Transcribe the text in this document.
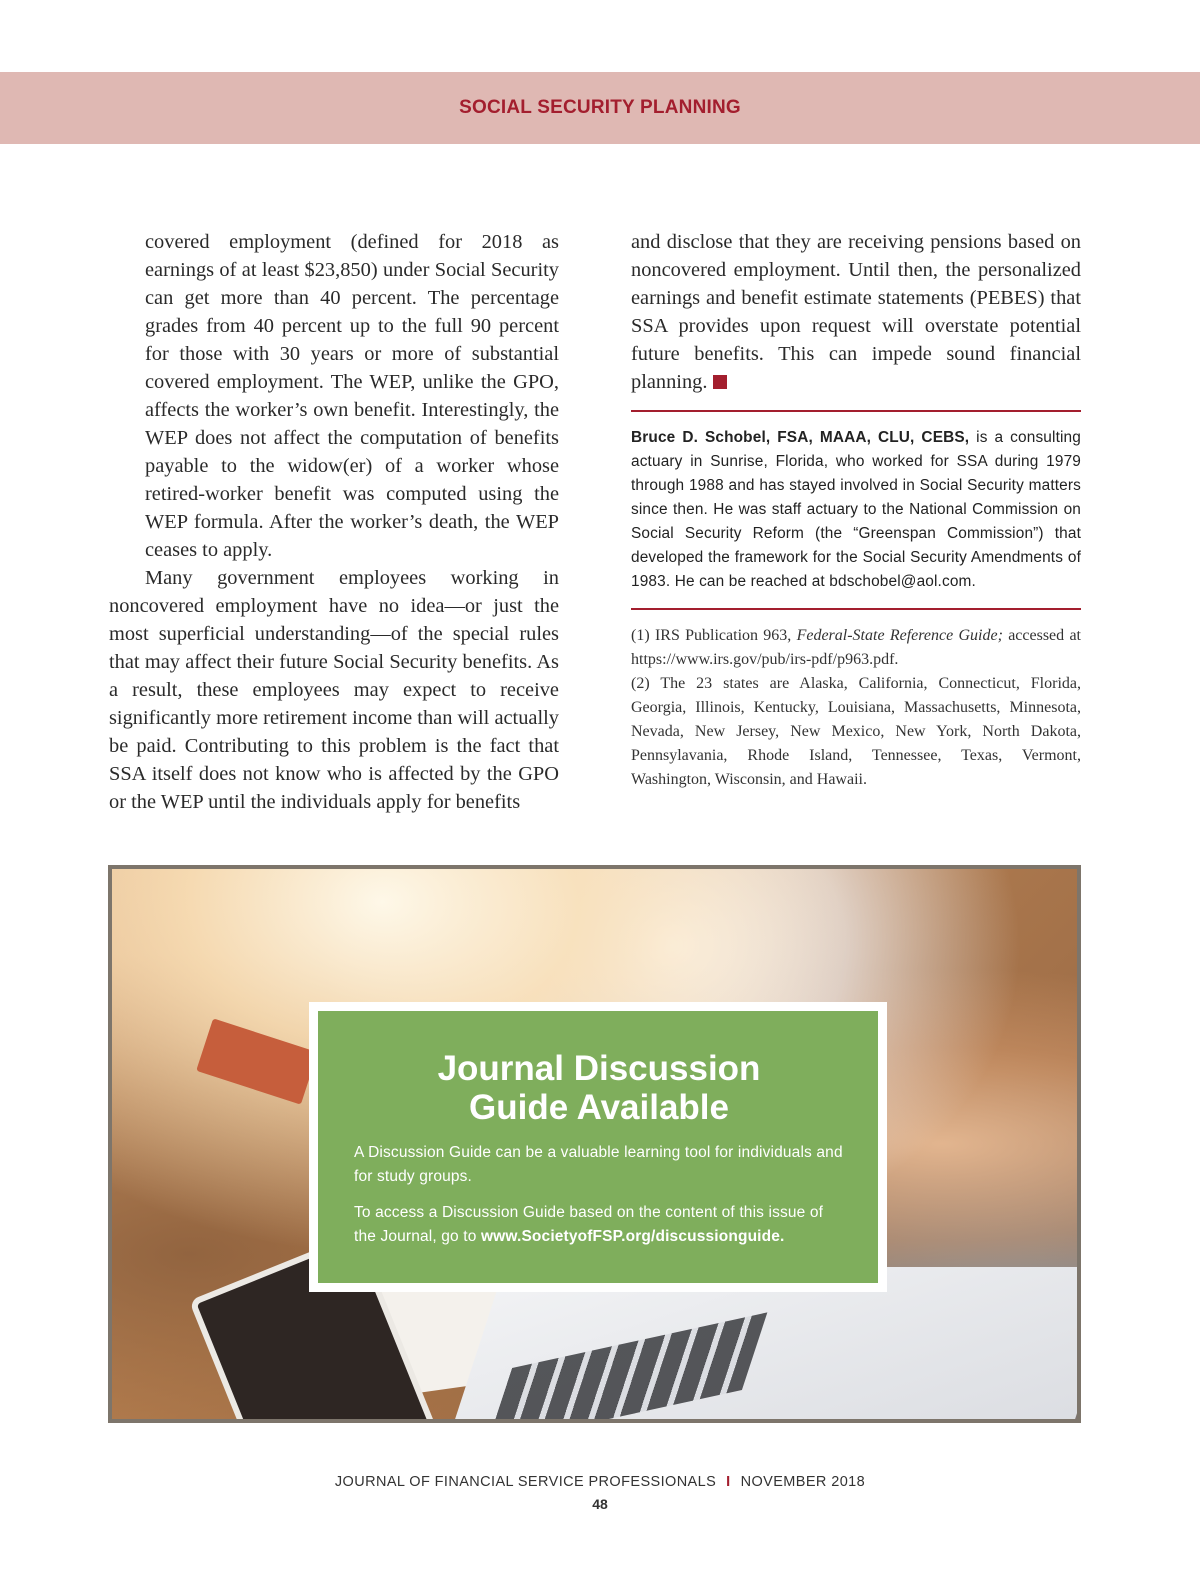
SOCIAL SECURITY PLANNING

covered employment (defined for 2018 as earnings of at least $23,850) under Social Security can get more than 40 percent. The percentage grades from 40 percent up to the full 90 percent for those with 30 years or more of substantial covered employment. The WEP, unlike the GPO, affects the worker’s own benefit. Interestingly, the WEP does not affect the computation of benefits payable to the widow(er) of a worker whose retired-worker benefit was computed using the WEP formula. After the worker’s death, the WEP ceases to apply.

Many government employees working in noncovered employment have no idea—or just the most superficial understanding—of the special rules that may affect their future Social Security benefits. As a result, these employees may expect to receive significantly more retirement income than will actually be paid. Contributing to this problem is the fact that SSA itself does not know who is affected by the GPO or the WEP until the individuals apply for benefits

and disclose that they are receiving pensions based on noncovered employment. Until then, the personalized earnings and benefit estimate statements (PEBES) that SSA provides upon request will overstate potential future benefits. This can impede sound financial planning.

Bruce D. Schobel, FSA, MAAA, CLU, CEBS, is a consulting actuary in Sunrise, Florida, who worked for SSA during 1979 through 1988 and has stayed involved in Social Security matters since then. He was staff actuary to the National Commission on Social Security Reform (the “Greenspan Commission”) that developed the framework for the Social Security Amendments of 1983. He can be reached at bdschobel@aol.com.

(1) IRS Publication 963, Federal-State Reference Guide; accessed at https://www.irs.gov/pub/irs-pdf/p963.pdf.

(2) The 23 states are Alaska, California, Connecticut, Florida, Georgia, Illinois, Kentucky, Louisiana, Massachusetts, Minnesota, Nevada, New Jersey, New Mexico, New York, North Dakota, Pennsylavania, Rhode Island, Tennessee, Texas, Vermont, Washington, Wisconsin, and Hawaii.

Journal Discussion
Guide Available

A Discussion Guide can be a valuable learning tool for individuals and for study groups.

To access a Discussion Guide based on the content of this issue of the Journal, go to www.SocietyofFSP.org/discussionguide.

JOURNAL OF FINANCIAL SERVICE PROFESSIONALS I NOVEMBER 2018
48
